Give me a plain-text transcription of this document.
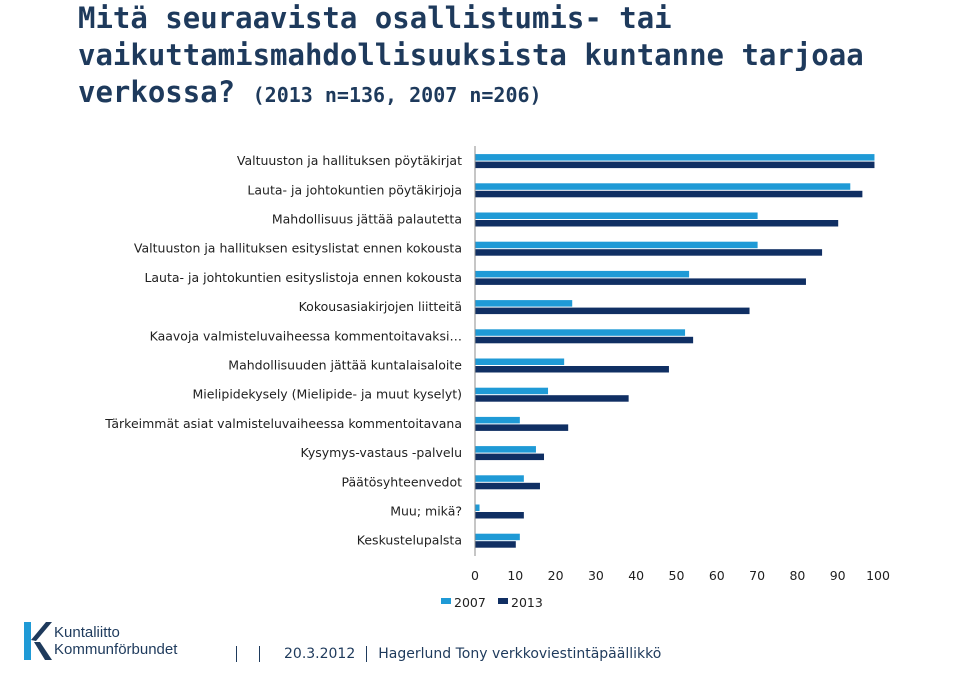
Mitä seuraavista osallistumis- tai vaikuttamismahdollisuuksista kuntanne tarjoaa verkossa? (2013 n=136, 2007 n=206)
Valtuuston ja hallituksen pöytäkirjat
Lauta- ja johtokuntien pöytäkirjoja
Mahdollisuus jättää palautetta
Valtuuston ja hallituksen esityslistat ennen kokousta
Lauta- ja johtokuntien esityslistoja ennen kokousta
Kokousasiakirjojen liitteitä
Kaavoja valmisteluvaiheessa kommentoitavaksi…
Mahdollisuuden jättää kuntalaisaloite
Mielipidekysely (Mielipide- ja muut kyselyt)
Tärkeimmät asiat valmisteluvaiheessa kommentoitavana
Kysymys-vastaus -palvelu
Päätösyhteenvedot
Muu; mikä?
Keskustelupalsta
0 10 20 30 40 50 60 70 80 90 100
2007 2013
Kuntaliitto
Kommunförbundet	20.3.2012 Hagerlund Tony verkkoviestintäpäällikkö
